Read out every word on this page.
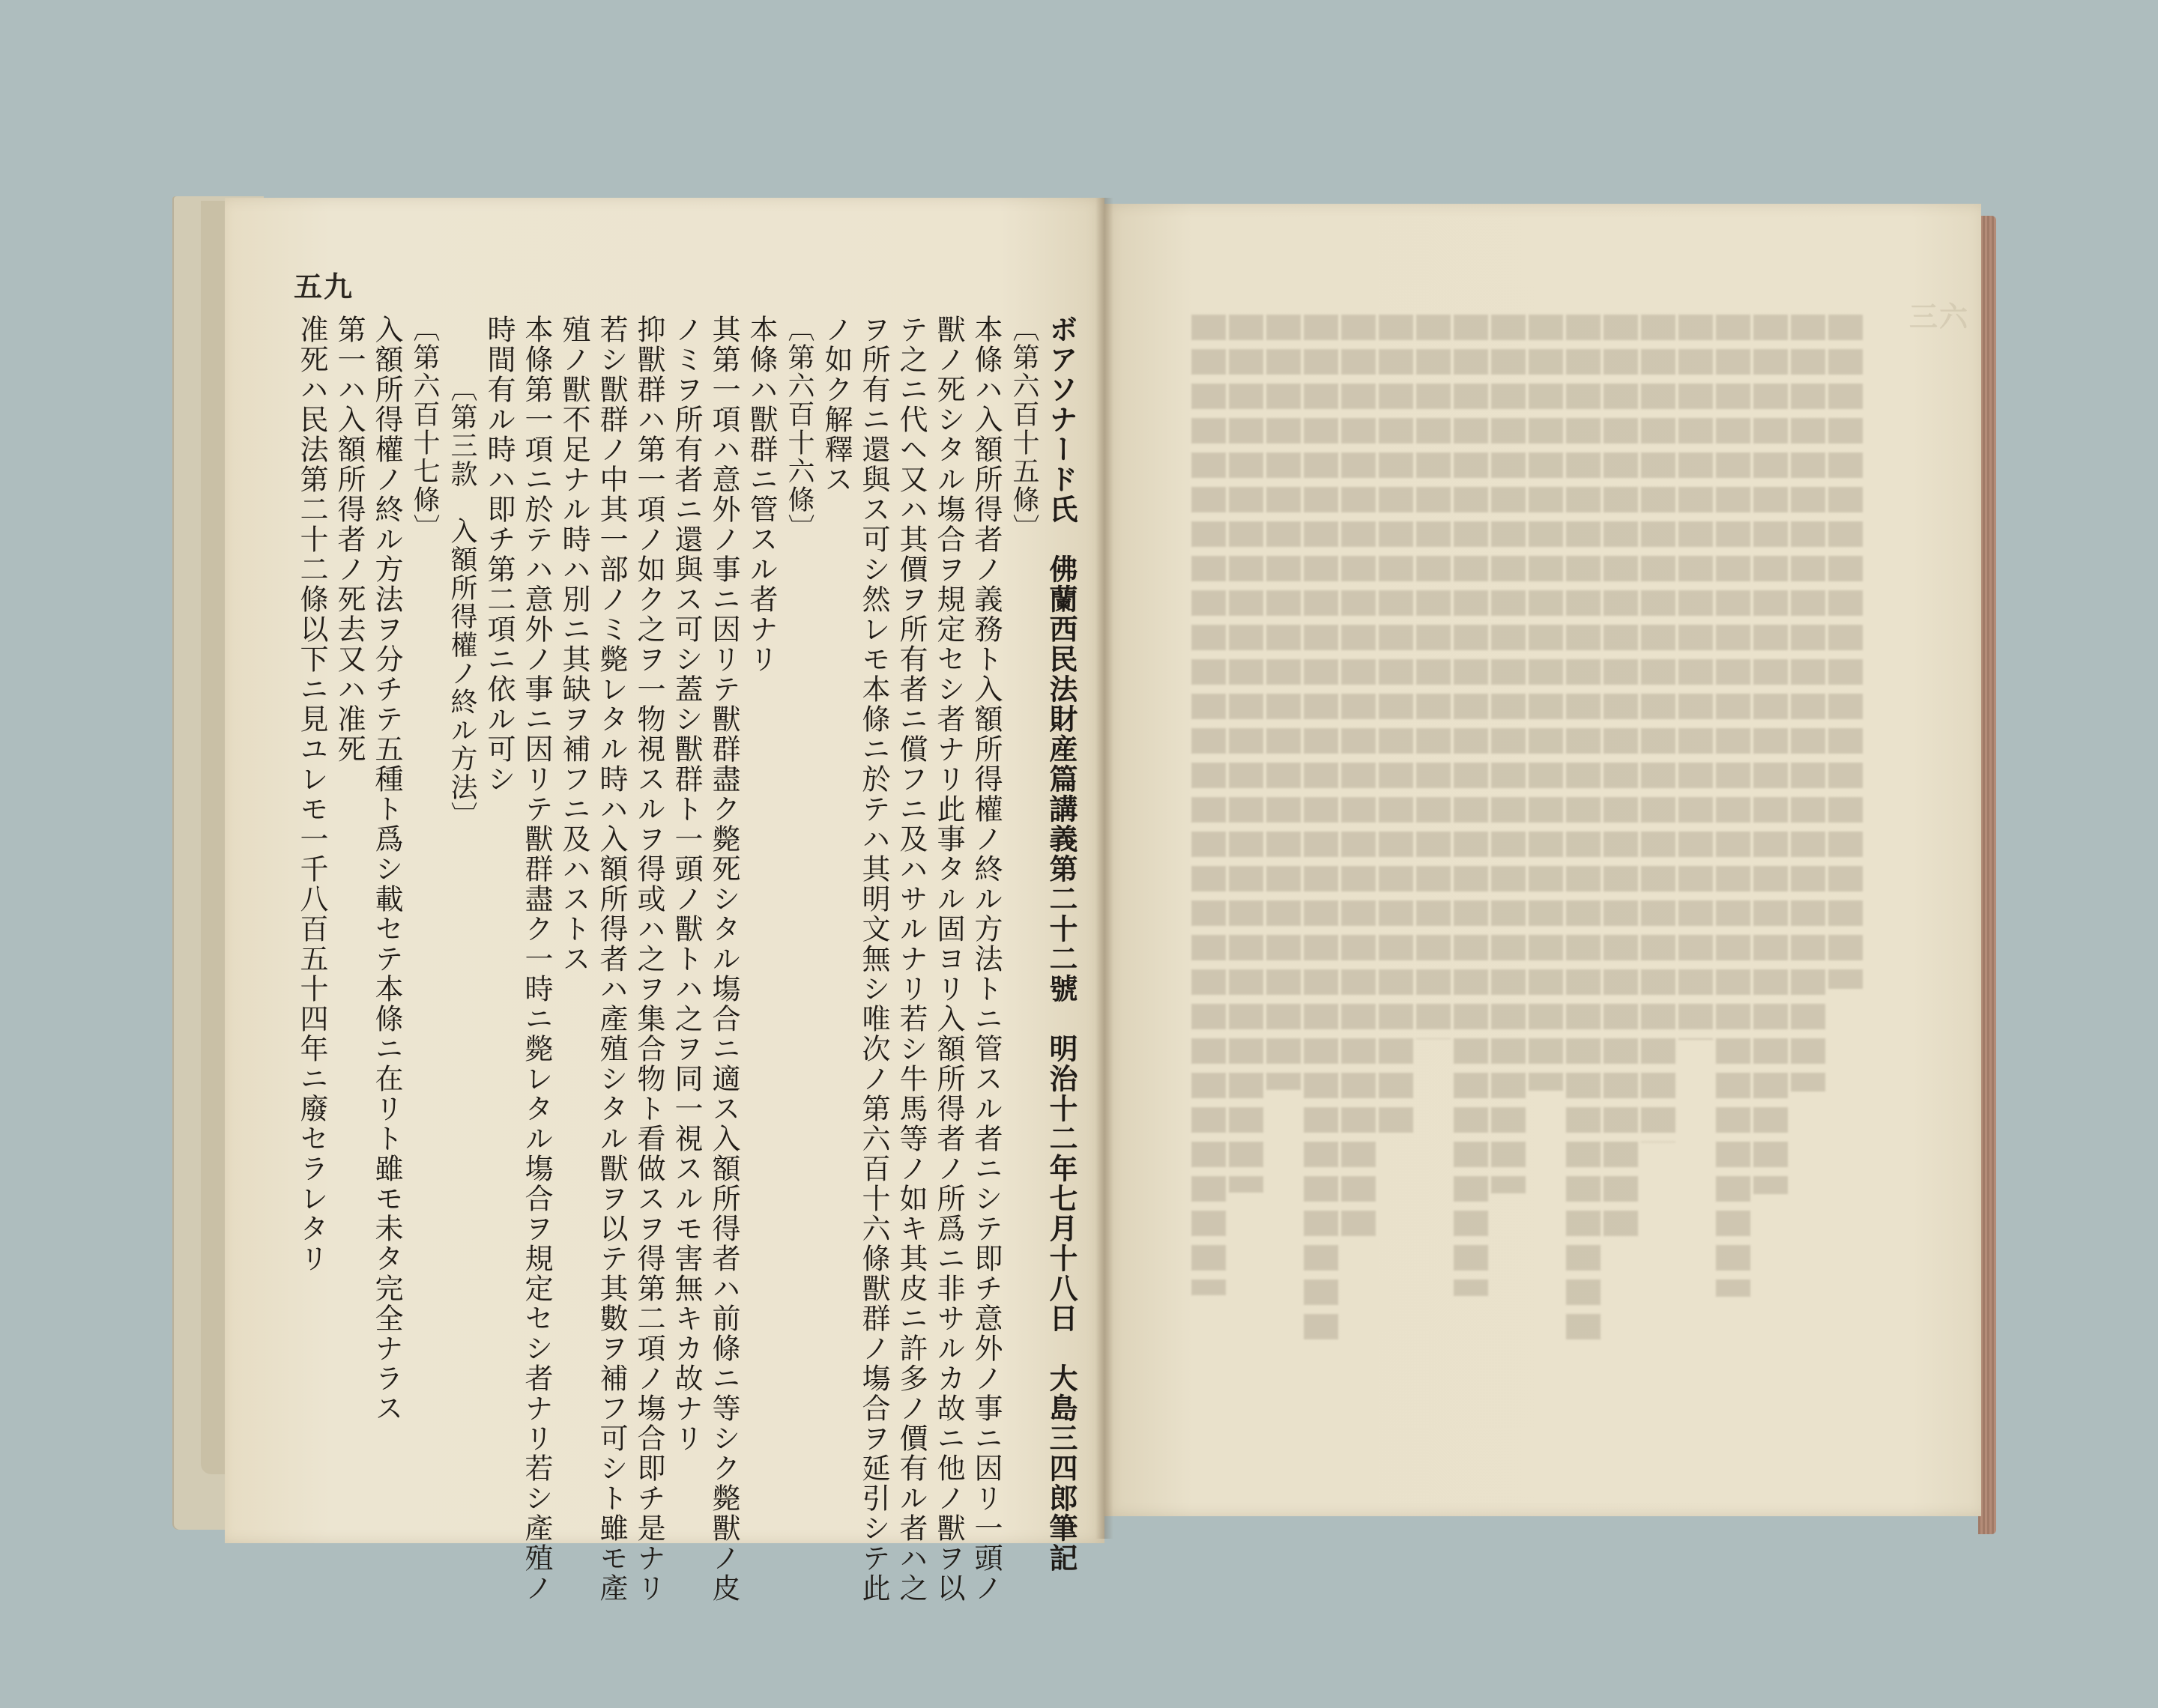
五九
三六
ボアソナード氏　佛蘭西民法財産篇講義第二十二號　明治十二年七月十八日　大島三四郎筆記
〔第六百十五條〕
本條ハ入額所得者ノ義務ト入額所得權ノ終ル方法トニ管スル者ニシテ即チ意外ノ事ニ因リ一頭ノ
獸ノ死シタル塲合ヲ規定セシ者ナリ此事タル固ヨリ入額所得者ノ所爲ニ非サルカ故ニ他ノ獸ヲ以
テ之ニ代ヘ又ハ其價ヲ所有者ニ償フニ及ハサルナリ若シ牛馬等ノ如キ其皮ニ許多ノ價有ル者ハ之
ヲ所有ニ還與ス可シ然レモ本條ニ於テハ其明文無シ唯次ノ第六百十六條獸群ノ塲合ヲ延引シテ此
ノ如ク解釋ス
〔第六百十六條〕
本條ハ獸群ニ管スル者ナリ
其第一項ハ意外ノ事ニ因リテ獸群盡ク斃死シタル塲合ニ適ス入額所得者ハ前條ニ等シク斃獸ノ皮
ノミヲ所有者ニ還與ス可シ蓋シ獸群ト一頭ノ獸トハ之ヲ同一視スルモ害無キカ故ナリ
抑獸群ハ第一項ノ如ク之ヲ一物視スルヲ得或ハ之ヲ集合物ト看做スヲ得第二項ノ塲合即チ是ナリ
若シ獸群ノ中其一部ノミ斃レタル時ハ入額所得者ハ產殖シタル獸ヲ以テ其數ヲ補フ可シト雖モ產
殖ノ獸不足ナル時ハ別ニ其缺ヲ補フニ及ハストス
本條第一項ニ於テハ意外ノ事ニ因リテ獸群盡ク一時ニ斃レタル塲合ヲ規定セシ者ナリ若シ產殖ノ
時間有ル時ハ即チ第二項ニ依ル可シ
〔第三款　入額所得權ノ終ル方法〕
〔第六百十七條〕
入額所得權ノ終ル方法ヲ分チテ五種ト爲シ載セテ本條ニ在リト雖モ未タ完全ナラス
第一ハ入額所得者ノ死去又ハ准死
准死ハ民法第二十二條以下ニ見ユレモ一千八百五十四年ニ廢セラレタリ
